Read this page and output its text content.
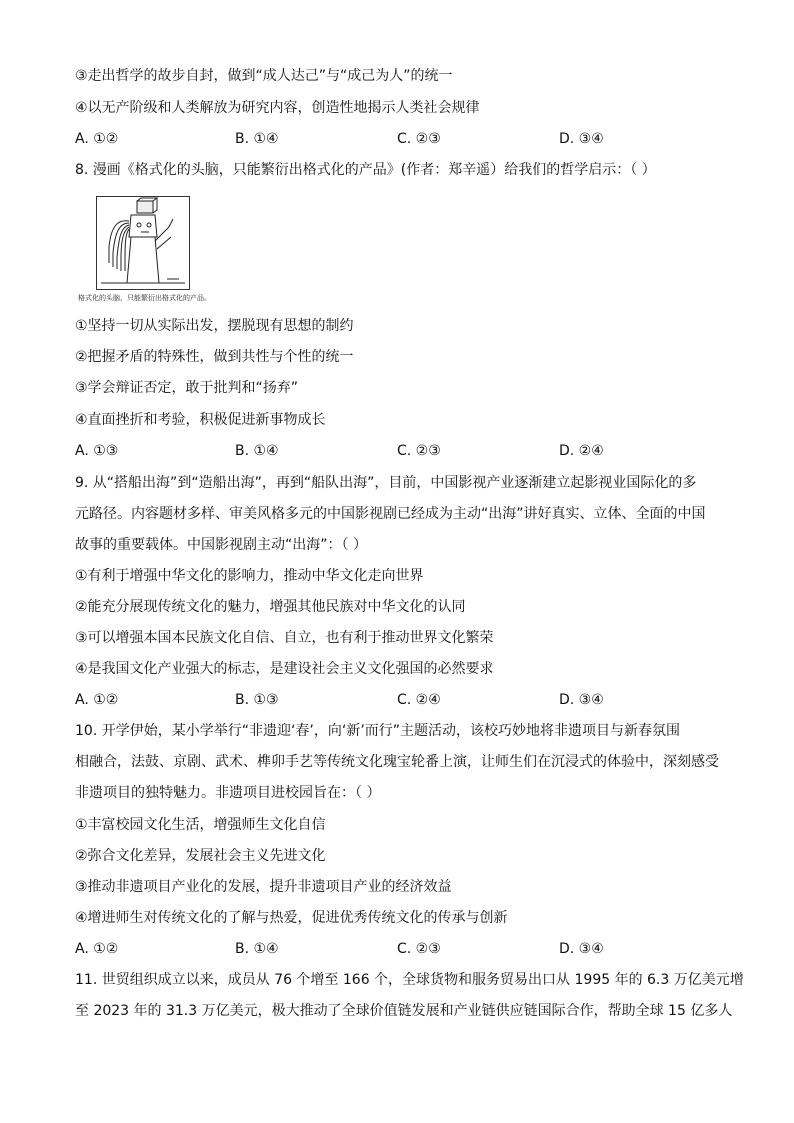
③走出哲学的故步自封，做到“成人达己”与“成己为人”的统一
④以无产阶级和人类解放为研究内容，创造性地揭示人类社会规律
A. ①②	B. ①④	C. ②③	D. ③④
8. 漫画《格式化的头脑，只能繁衍出格式化的产品》(作者：郑辛遥）给我们的哲学启示：（ ）
格式化的头脑，只能繁衍出格式化的产品。
①坚持一切从实际出发，摆脱现有思想的制约
②把握矛盾的特殊性，做到共性与个性的统一
③学会辩证否定，敢于批判和“扬弃”
④直面挫折和考验，积极促进新事物成长
A. ①③	B. ①④	C. ②③	D. ②④
9. 从“搭船出海”到“造船出海”，再到“船队出海”，目前，中国影视产业逐渐建立起影视业国际化的多
元路径。内容题材多样、审美风格多元的中国影视剧已经成为主动“出海”讲好真实、立体、全面的中国
故事的重要载体。中国影视剧主动“出海”：（ ）
①有利于增强中华文化的影响力，推动中华文化走向世界
②能充分展现传统文化的魅力，增强其他民族对中华文化的认同
③可以增强本国本民族文化自信、自立，也有利于推动世界文化繁荣
④是我国文化产业强大的标志，是建设社会主义文化强国的必然要求
A. ①②	B. ①③	C. ②④	D. ③④
10. 开学伊始，某小学举行“非遗迎‘春’，向‘新’而行”主题活动，该校巧妙地将非遗项目与新春氛围
相融合，法鼓、京剧、武术、榫卯手艺等传统文化瑰宝轮番上演，让师生们在沉浸式的体验中，深刻感受
非遗项目的独特魅力。非遗项目进校园旨在：（ ）
①丰富校园文化生活，增强师生文化自信
②弥合文化差异，发展社会主义先进文化
③推动非遗项目产业化的发展，提升非遗项目产业的经济效益
④增进师生对传统文化的了解与热爱，促进优秀传统文化的传承与创新
A. ①②	B. ①④	C. ②③	D. ③④
11. 世贸组织成立以来，成员从 76 个增至 166 个，全球货物和服务贸易出口从 1995 年的 6.3 万亿美元增
至 2023 年的 31.3 万亿美元，极大推动了全球价值链发展和产业链供应链国际合作，帮助全球 15 亿多人
